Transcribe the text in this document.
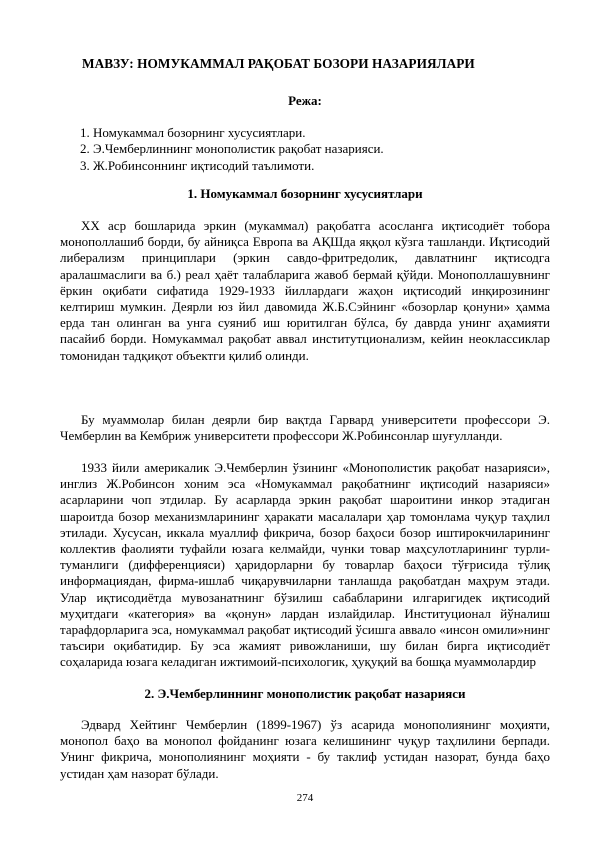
МАВЗУ: НОМУКАММАЛ РАҚОБАТ БОЗОРИ НАЗАРИЯЛАРИ
Режа:
1. Номукаммал бозорнинг хусусиятлари.
2. Э.Чемберлиннинг монополистик рақобат назарияси.
3. Ж.Робинсоннинг иқтисодий таълимоти.
1. Номукаммал бозорнинг хусусиятлари
XX аср бошларида эркин (мукаммал) рақобатга асосланга иқтисодиёт тобора монополлашиб борди, бу айниқса Европа ва АҚШда яққол кўзга ташланди. Иқтисодий либерализм принциплари (эркин савдо-фритредолик, давлатнинг иқтисодга аралашмаслиги ва б.) реал ҳаёт талабларига жавоб бермай қўйди. Монополлашувнинг ёркин оқибати сифатида 1929-1933 йиллардаги жаҳон иқтисодий инқирозининг келтириш мумкин. Деярли юз йил давомида Ж.Б.Сэйнинг «бозорлар қонуни» ҳамма ерда тан олинган ва унга суяниб иш юритилган бўлса, бу даврда унинг аҳамияти пасайиб борди. Номукаммал рақобат аввал институтционализм, кейин неоклассиклар томонидан тадқиқот объектги қилиб олинди.
Бу муаммолар билан деярли бир вақтда Гарвард университети профессори Э. Чемберлин ва Кембриж университети профессори Ж.Робинсонлар шуғулланди.
1933 йили америкалик Э.Чемберлин ўзининг «Монополистик рақобат назарияси», инглиз Ж.Робинсон хоним эса «Номукаммал рақобатнинг иқтисодий назарияси» асарларини чоп этдилар. Бу асарларда эркин рақобат шароитини инкор этадиган шароитда бозор механизмларининг ҳаракати масалалари ҳар томонлама чуқур таҳлил этилади. Хусусан, иккала муаллиф фикрича, бозор баҳоси бозор иштирокчиларининг коллектив фаолияти туфайли юзага келмайди, чунки товар маҳсулотларининг турли-туманлиги (дифференцияси) ҳаридорларни бу товарлар баҳоси тўғрисида тўлиқ информациядан, фирма-ишлаб чиқарувчиларни танлашда рақобатдан маҳрум этади. Улар иқтисодиётда мувозанатнинг бўзилиш сабабларини илгаригидек иқтисодий муҳитдаги «категория» ва «қонун» лардан излайдилар. Институционал йўналиш тарафдорларига эса, номукаммал рақобат иқтисодий ўсишга аввало «инсон омили»нинг таъсири оқибатидир. Бу эса жамият ривожланиши, шу билан бирга иқтисодиёт соҳаларида юзага келадиган ижтимоий-психологик, ҳуқуқий ва бошқа муаммолардир
2. Э.Чемберлиннинг монополистик рақобат назарияси
Эдвард Хейтинг Чемберлин (1899-1967) ўз асарида монополиянинг моҳияти, монопол баҳо ва монопол фойданинг юзага келишининг чуқур таҳлилини берпади. Унинг фикрича, монополиянинг моҳияти - бу таклиф устидан назорат, бунда баҳо устидан ҳам назорат бўлади.
274
